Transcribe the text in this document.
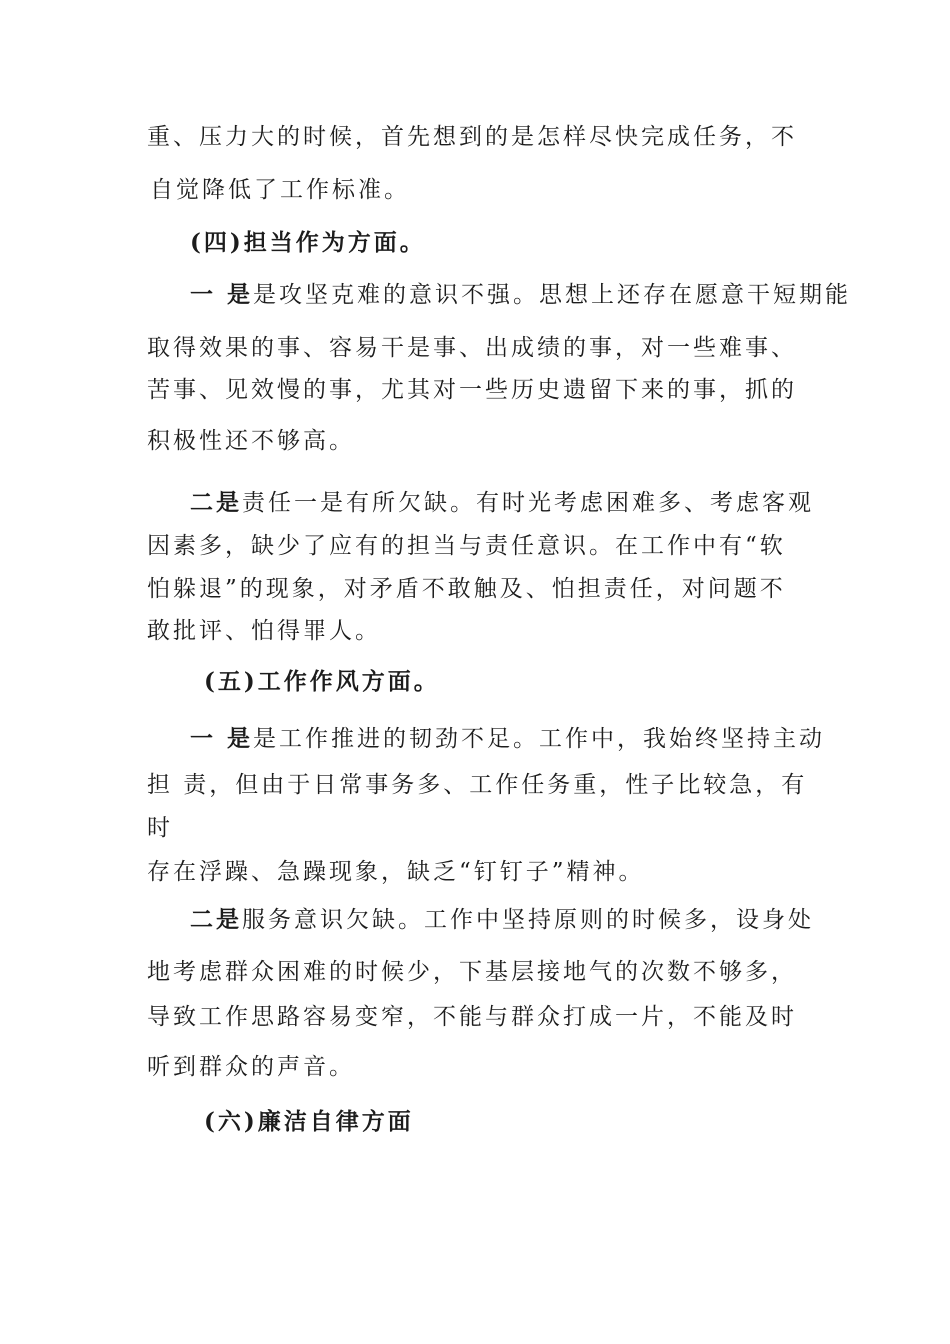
重、压力大的时候，首先想到的是怎样尽快完成任务，不

自觉降低了工作标准。

(四)担当作为方面。

一 是是攻坚克难的意识不强。思想上还存在愿意干短期能

取得效果的事、容易干是事、出成绩的事，对一些难事、

苦事、见效慢的事，尤其对一些历史遗留下来的事，抓的

积极性还不够高。

二是责任一是有所欠缺。有时光考虑困难多、考虑客观

因素多，缺少了应有的担当与责任意识。在工作中有“软

怕躲退”的现象，对矛盾不敢触及、怕担责任，对问题不

敢批评、怕得罪人。

(五)工作作风方面。

一 是是工作推进的韧劲不足。工作中，我始终坚持主动

担 责，但由于日常事务多、工作任务重，性子比较急，有

时

存在浮躁、急躁现象，缺乏“钉钉子”精神。

二是服务意识欠缺。工作中坚持原则的时候多，设身处

地考虑群众困难的时候少，下基层接地气的次数不够多，

导致工作思路容易变窄，不能与群众打成一片，不能及时

听到群众的声音。

(六)廉洁自律方面
